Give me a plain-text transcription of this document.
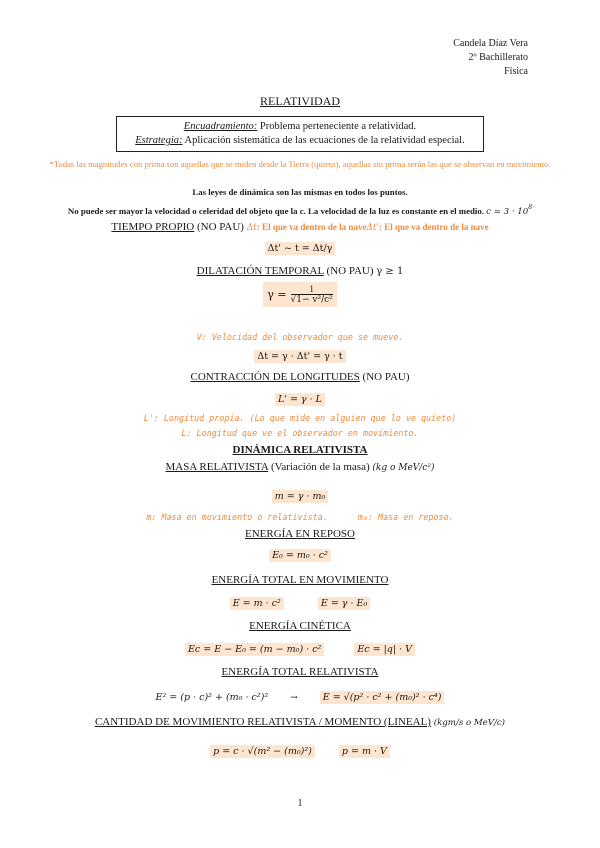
Candela Díaz Vera
2º Bachillerato
Física
RELATIVIDAD
Encuadramiento: Problema perteneciente a relatividad.
Estrategia: Aplicación sistemática de las ecuaciones de la relatividad especial.
*Todas las magnitudes con prima son aquellas que se miden desde la Tierra (quieto), aquellas sin prima serán las que se observan en movimiento.
Las leyes de dinámica son las mismas en todos los puntos.
No puede ser mayor la velocidad o celeridad del objeto que la c. La velocidad de la luz es constante en el medio. $c = 3 \cdot 10^8$
TIEMPO PROPIO (NO PAU) Δt: El que va dentro de la naveΔt': El que va dentro de la nave
Δt' ~ t = Δt/γ
DILATACIÓN TEMPORAL (NO PAU) γ ≥ 1
$\gamma = \frac{1}{\text{√1− v²/c²}}$
V: Velocidad del observador que se mueve.
Δt = γ · Δt' = γ · t
CONTRACCIÓN DE LONGITUDES (NO PAU)
L' = γ · L
L': Longitud propia. (Lo que mide en alguien que lo ve quieto)
L: Longitud que ve el observador en movimiento.
DINÁMICA RELATIVISTA
MASA RELATIVISTA (Variación de la masa) (kg o MeV/c²)
m = γ · m₀
m: Masa en movimiento o relativista.	m₀: Masa en reposo.
ENERGÍA EN REPOSO
E₀ = m₀ · c²
ENERGÍA TOTAL EN MOVIMIENTO
E = m · c²	E = γ · E₀
ENERGÍA CINÉTICA
Ec = E − E₀ = (m − m₀) · c²	Ec = |q| · V
ENERGÍA TOTAL RELATIVISTA
E² = (p · c)² + (m₀ · c²)² →	E = √(p² · c² + (m₀)² · c⁴)
CANTIDAD DE MOVIMIENTO RELATIVISTA / MOMENTO (LINEAL) (kgm/s o MeV/c)
p = c · √(m² − (m₀)²)	p = m · V
1
